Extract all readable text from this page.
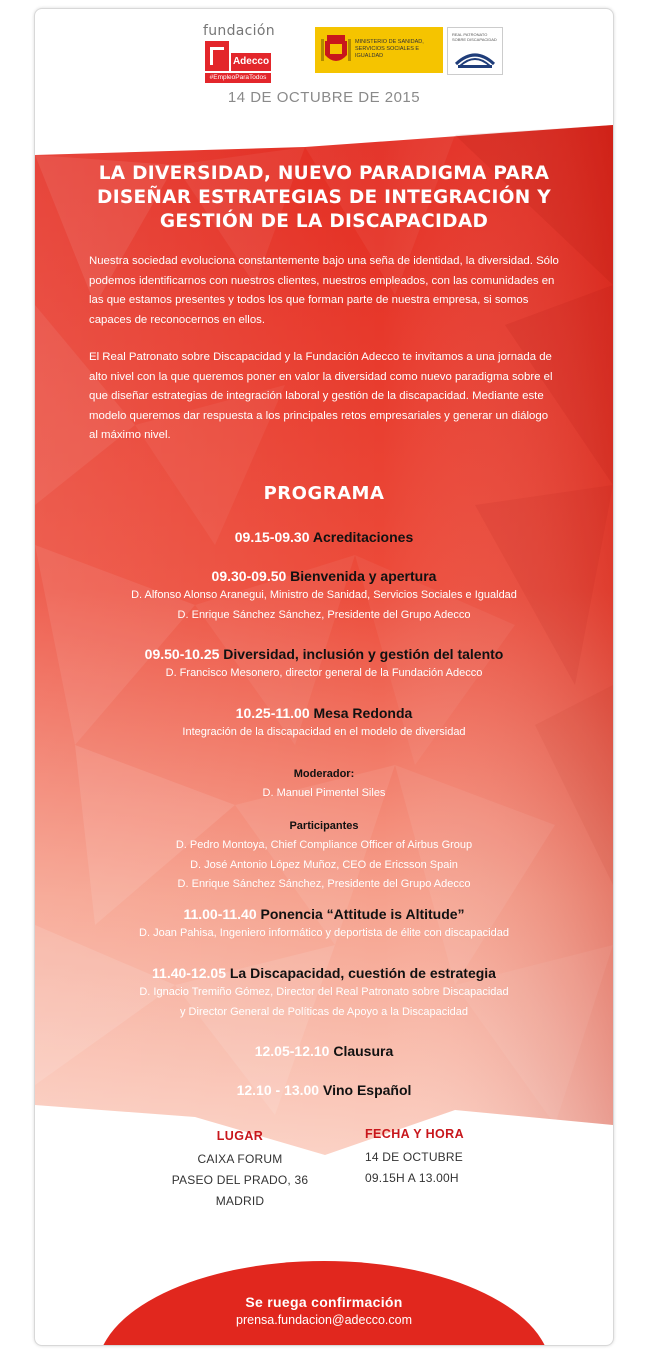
fundación
Adecco
#EmpleoParaTodos
MINISTERIO DE SANIDAD, SERVICIOS SOCIALES E IGUALDAD
REAL PATRONATO SOBRE DISCAPACIDAD
14 DE OCTUBRE DE 2015
LA DIVERSIDAD, NUEVO PARADIGMA PARA DISEÑAR ESTRATEGIAS DE INTEGRACIÓN Y GESTIÓN DE LA DISCAPACIDAD
Nuestra sociedad evoluciona constantemente bajo una seña de identidad, la diversidad. Sólo podemos identificarnos con nuestros clientes, nuestros empleados, con las comunidades en las que estamos presentes y todos los que forman parte de nuestra empresa, si somos capaces de reconocernos en ellos.
El Real Patronato sobre Discapacidad y la Fundación Adecco te invitamos a una jornada de alto nivel con la que queremos poner en valor la diversidad como nuevo paradigma sobre el que diseñar estrategias de integración laboral y gestión de la discapacidad. Mediante este modelo queremos dar respuesta a los principales retos empresariales y generar un diálogo al máximo nivel.
PROGRAMA
09.15-09.30 Acreditaciones
09.30-09.50 Bienvenida y apertura
D. Alfonso Alonso Aranegui, Ministro de Sanidad, Servicios Sociales e Igualdad
D. Enrique Sánchez Sánchez, Presidente del Grupo Adecco
09.50-10.25 Diversidad, inclusión y gestión del talento
D. Francisco Mesonero, director general de la Fundación Adecco
10.25-11.00 Mesa Redonda
Integración de la discapacidad en el modelo de diversidad
Moderador:
D. Manuel Pimentel Siles
Participantes
D. Pedro Montoya, Chief Compliance Officer of Airbus Group
D. José Antonio López Muñoz, CEO de Ericsson Spain
D. Enrique Sánchez Sánchez, Presidente del Grupo Adecco
11.00-11.40 Ponencia “Attitude is Altitude”
D. Joan Pahisa, Ingeniero informático y deportista de élite con discapacidad
11.40-12.05 La Discapacidad, cuestión de estrategia
D. Ignacio Tremiño Gómez, Director del Real Patronato sobre Discapacidad
y Director General de Políticas de Apoyo a la Discapacidad
12.05-12.10 Clausura
12.10 - 13.00 Vino Español
LUGAR
CAIXA FORUM
PASEO DEL PRADO, 36
MADRID
FECHA Y HORA
14 DE OCTUBRE
09.15H A 13.00H
Se ruega confirmación
prensa.fundacion@adecco.com
